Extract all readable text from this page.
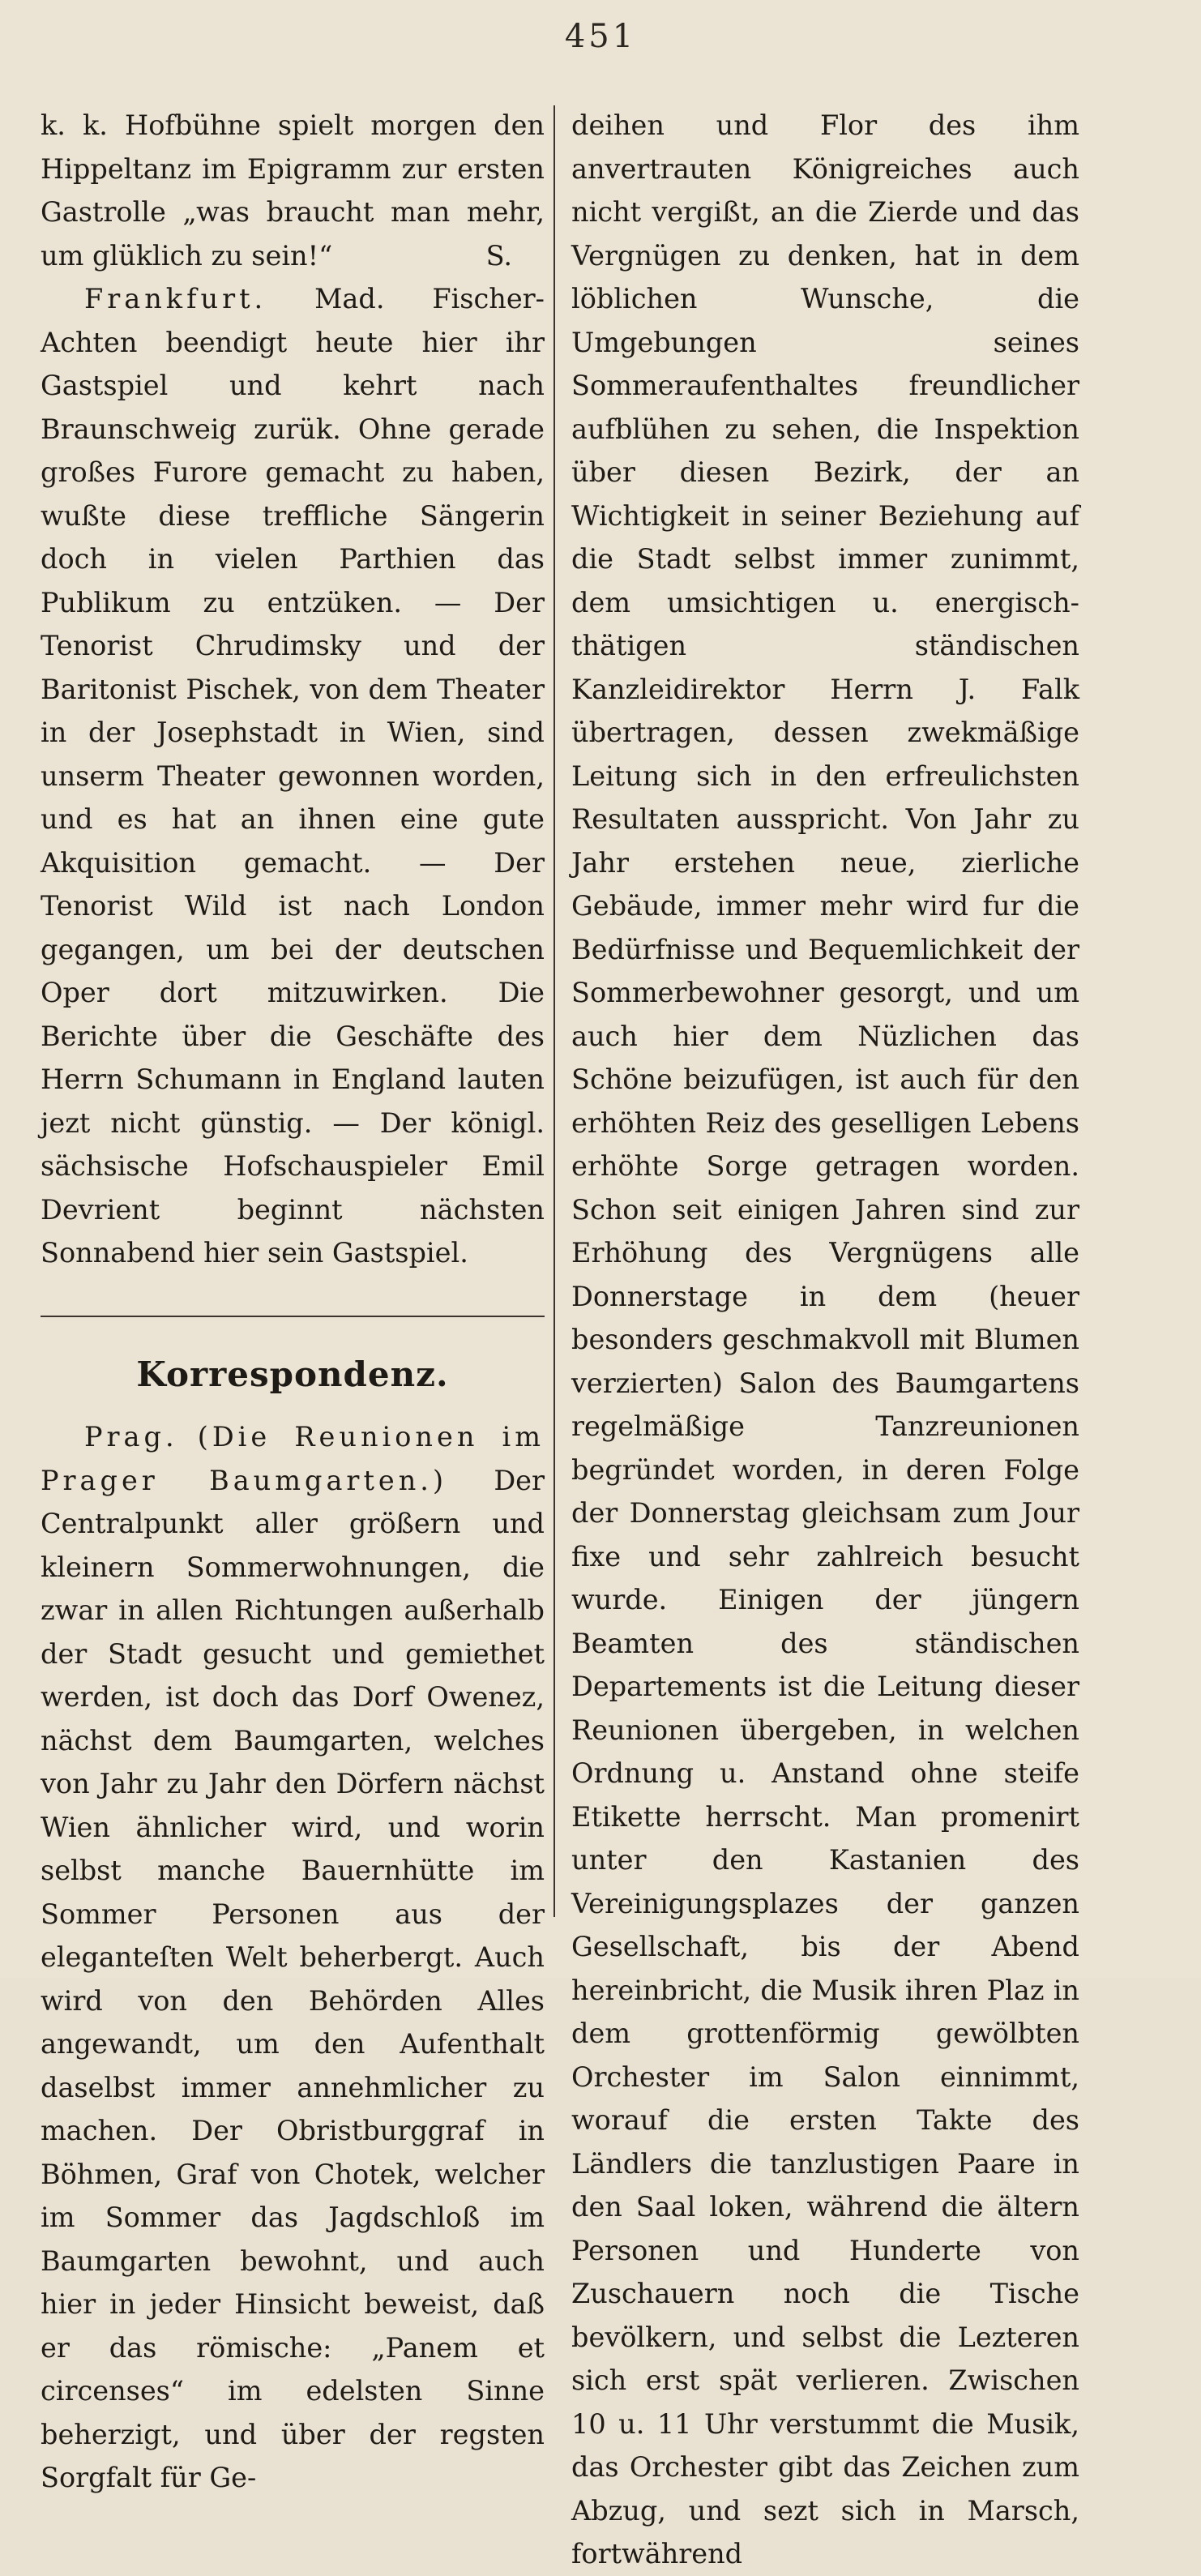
451

k. k. Hofbühne spielt morgen den Hippeltanz im Epigramm zur ersten Gastrolle „was braucht man mehr, um glüklich zu sein!“	S.

Frankfurt. Mad. Fischer-Achten beendigt heute hier ihr Gastspiel und kehrt nach Braunschweig zurük. Ohne gerade großes Furore gemacht zu haben, wußte diese treffliche Sängerin doch in vielen Parthien das Publikum zu entzüken. — Der Tenorist Chrudimsky und der Baritonist Pischek, von dem Theater in der Josephstadt in Wien, sind unserm Theater gewonnen worden, und es hat an ihnen eine gute Akquisition gemacht. — Der Tenorist Wild ist nach London gegangen, um bei der deutschen Oper dort mitzuwirken. Die Berichte über die Geschäfte des Herrn Schumann in England lauten jezt nicht günstig. — Der königl. sächsische Hofschauspieler Emil Devrient beginnt nächsten Sonnabend hier sein Gastspiel.

Korrespondenz.

Prag. (Die Reunionen im Prager Baumgarten.) Der Centralpunkt aller größern und kleinern Sommerwohnungen, die zwar in allen Richtungen außerhalb der Stadt gesucht und gemiethet werden, ist doch das Dorf Owenez, nächst dem Baumgarten, welches von Jahr zu Jahr den Dörfern nächst Wien ähnlicher wird, und worin selbst manche Bauernhütte im Sommer Personen aus der eleganteſten Welt beherbergt. Auch wird von den Behörden Alles angewandt, um den Aufenthalt daselbst immer annehmlicher zu machen. Der Obristburggraf in Böhmen, Graf von Chotek, welcher im Sommer das Jagdschloß im Baumgarten bewohnt, und auch hier in jeder Hinsicht beweist, daß er das römische: „Panem et circenses“ im edelsten Sinne beherzigt, und über der regsten Sorgfalt für Ge-

deihen und Flor des ihm anvertrauten Königreiches auch nicht vergißt, an die Zierde und das Vergnügen zu denken, hat in dem löblichen Wunsche, die Umgebungen seines Sommeraufenthaltes freundlicher aufblühen zu sehen, die Inspektion über diesen Bezirk, der an Wichtigkeit in seiner Beziehung auf die Stadt selbst immer zunimmt, dem umsichtigen u. energisch-thätigen ständischen Kanzleidirektor Herrn J. Falk übertragen, dessen zwekmäßige Leitung sich in den erfreulichsten Resultaten ausspricht. Von Jahr zu Jahr erstehen neue, zierliche Gebäude, immer mehr wird fur die Bedürfnisse und Bequemlichkeit der Sommerbewohner gesorgt, und um auch hier dem Nüzlichen das Schöne beizufügen, ist auch für den erhöhten Reiz des geselligen Lebens erhöhte Sorge getragen worden. Schon seit einigen Jahren sind zur Erhöhung des Vergnügens alle Donnerstage in dem (heuer besonders geschmakvoll mit Blumen verzierten) Salon des Baumgartens regelmäßige Tanzreunionen begründet worden, in deren Folge der Donnerstag gleichsam zum Jour fixe und sehr zahlreich besucht wurde. Einigen der jüngern Beamten des ständischen Departements ist die Leitung dieser Reunionen übergeben, in welchen Ordnung u. Anstand ohne steife Etikette herrscht. Man promenirt unter den Kastanien des Vereinigungsplazes der ganzen Gesellschaft, bis der Abend hereinbricht, die Musik ihren Plaz in dem grottenförmig gewölbten Orchester im Salon einnimmt, worauf die ersten Takte des Ländlers die tanzlustigen Paare in den Saal loken, während die ältern Personen und Hunderte von Zuschauern noch die Tische bevölkern, und selbst die Lezteren sich erst spät verlieren. Zwischen 10 u. 11 Uhr verstummt die Musik, das Orchester gibt das Zeichen zum Abzug, und sezt sich in Marsch, fortwährend
